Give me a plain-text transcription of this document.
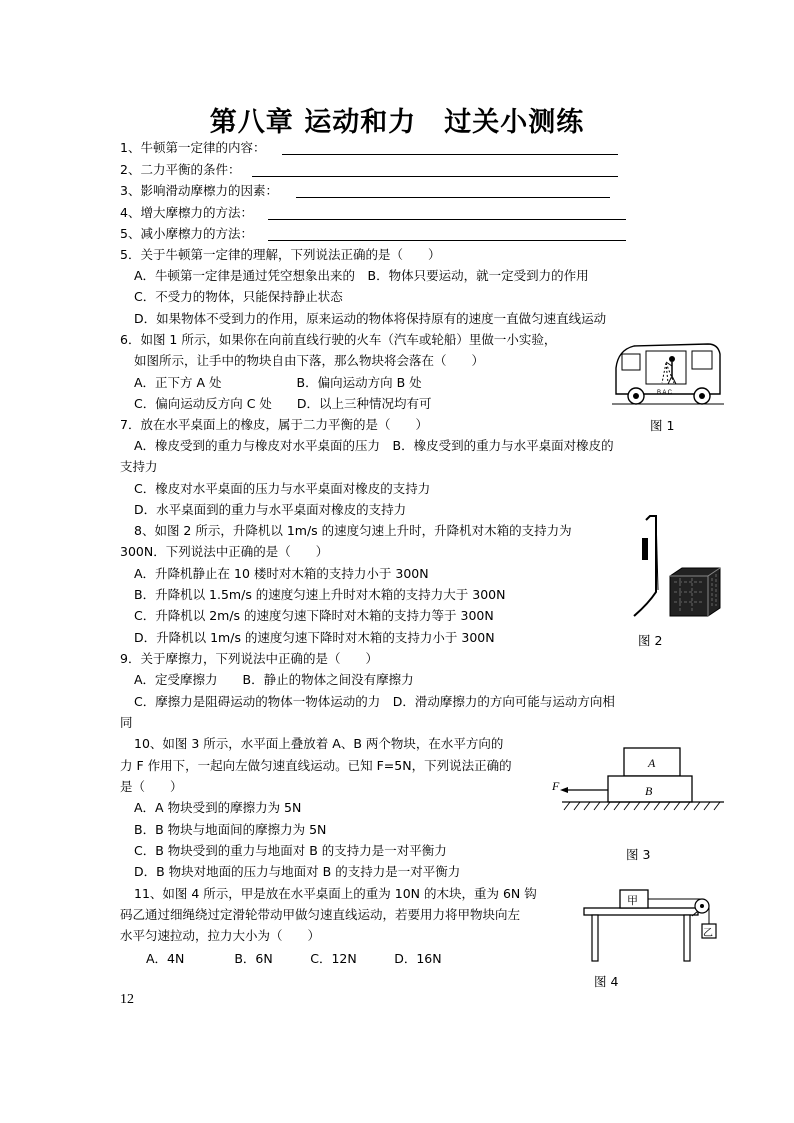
第八章 运动和力　过关小测练
1、牛顿第一定律的内容：
2、二力平衡的条件：
3、影响滑动摩檫力的因素：
4、增大摩檫力的方法：
5、减小摩檫力的方法：
5．关于牛顿第一定律的理解，下列说法正确的是（　　）
A．牛顿第一定律是通过凭空想象出来的　B．物体只要运动，就一定受到力的作用
C．不受力的物体，只能保持静止状态
D．如果物体不受到力的作用，原来运动的物体将保持原有的速度一直做匀速直线运动
6．如图 1 所示，如果你在向前直线行驶的火车（汽车或轮船）里做一小实验，
如图所示，让手中的物块自由下落，那么物块将会落在（　　）
A．正下方 A 处　　　　　　B．偏向运动方向 B 处
C．偏向运动反方向 C 处　　D．以上三种情况均有可
B A C
图 1
7．放在水平桌面上的橡皮，属于二力平衡的是（　　）
A．橡皮受到的重力与橡皮对水平桌面的压力　B．橡皮受到的重力与水平桌面对橡皮的
支持力
C．橡皮对水平桌面的压力与水平桌面对橡皮的支持力
D．水平桌面到的重力与水平桌面对橡皮的支持力
8、如图 2 所示，升降机以 1m/s 的速度匀速上升时，升降机对木箱的支持力为
300N．下列说法中正确的是（　　）
A．升降机静止在 10 楼时对木箱的支持力小于 300N
B．升降机以 1.5m/s 的速度匀速上升时对木箱的支持力大于 300N
C．升降机以 2m/s 的速度匀速下降时对木箱的支持力等于 300N
D．升降机以 1m/s 的速度匀速下降时对木箱的支持力小于 300N	图 2
9．关于摩擦力，下列说法中正确的是（　　）
A．定受摩擦力　　B．静止的物体之间没有摩擦力
C．摩擦力是阻碍运动的物体一物体运动的力　D．滑动摩擦力的方向可能与运动方向相
同
10、如图 3 所示，水平面上叠放着 A、B 两个物块，在水平方向的
力 F 作用下，一起向左做匀速直线运动。已知 F=5N，下列说法正确的
是（　　）
A．A 物块受到的摩擦力为 5N
B．B 物块与地面间的摩擦力为 5N
C．B 物块受到的重力与地面对 B 的支持力是一对平衡力
D．B 物块对地面的压力与地面对 B 的支持力是一对平衡力
A
B
F
图 3
11、如图 4 所示，甲是放在水平桌面上的重为 10N 的木块，重为 6N 钩
码乙通过细绳绕过定滑轮带动甲做匀速直线运动，若要用力将甲物块向左
水平匀速拉动，拉力大小为（　　）
A．4N　　　　B．6N　　　C．12N　　　D．16N
甲
乙
图 4
12
